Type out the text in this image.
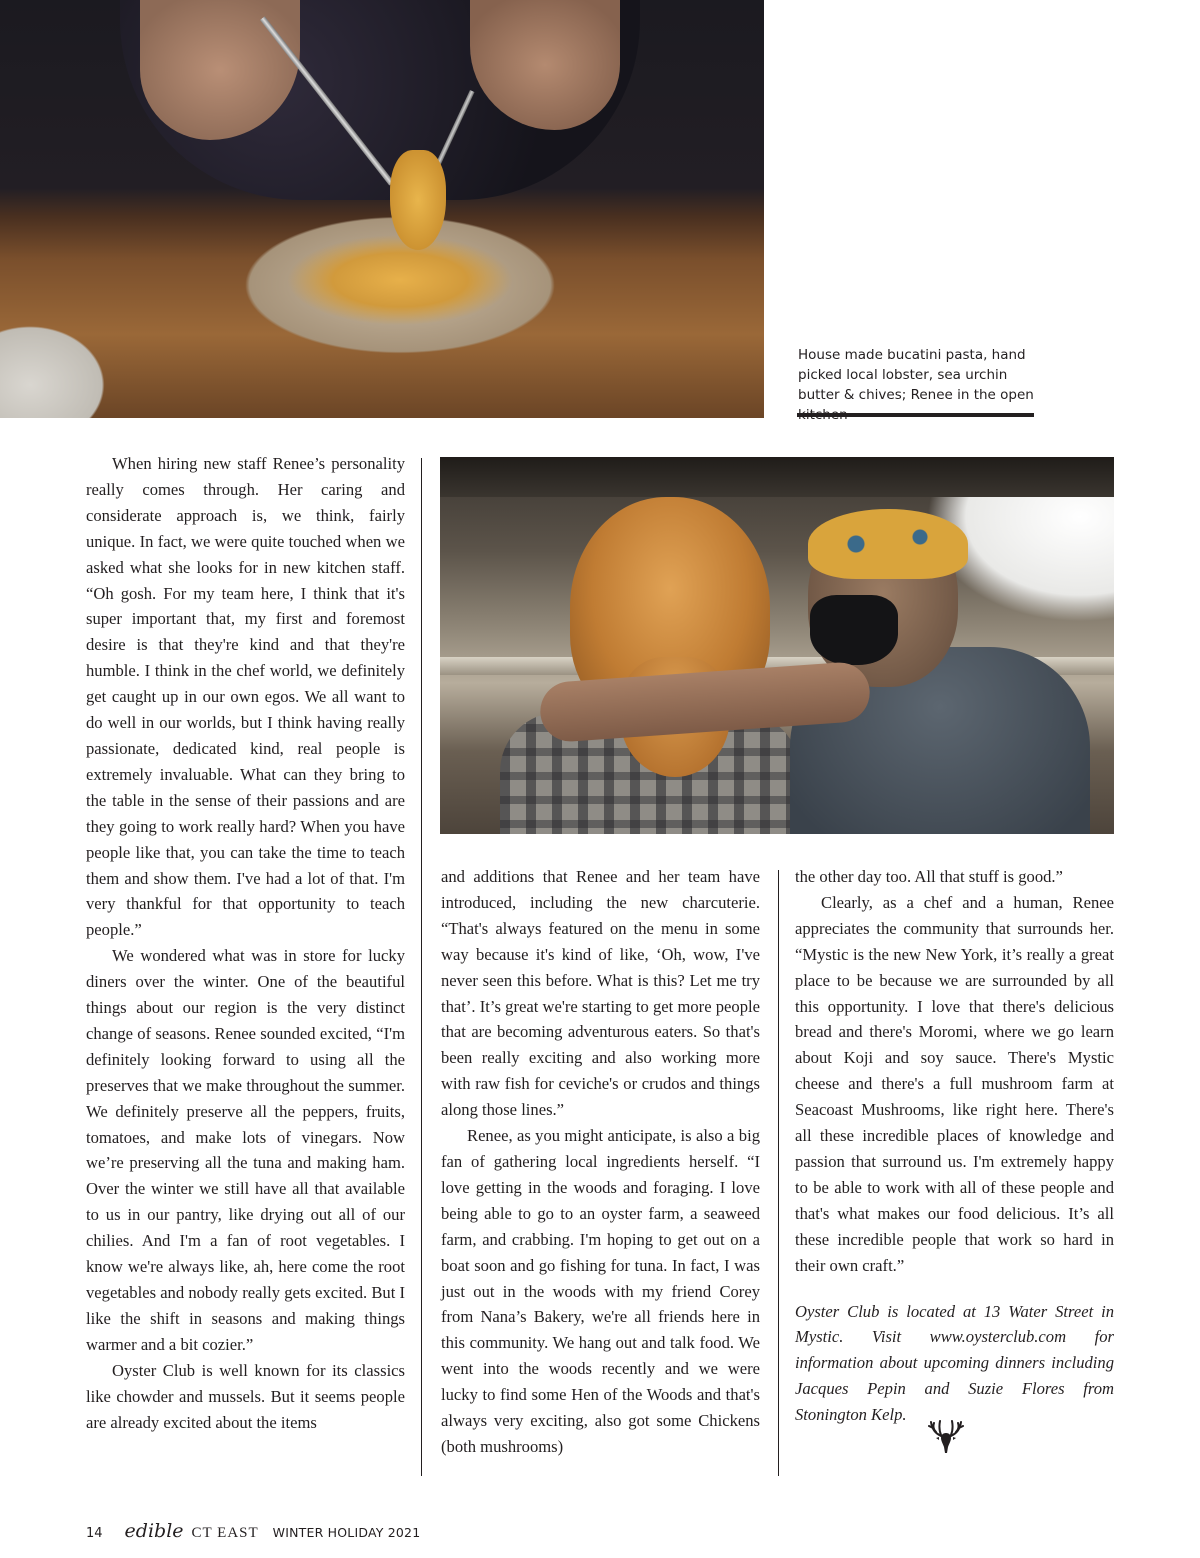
House made bucatini pasta, hand picked local lobster, sea urchin butter & chives; Renee in the open

When hiring new staff Renee’s personality really comes through. Her caring and considerate approach is, we think, fairly unique. In fact, we were quite touched when we asked what she looks for in new kitchen staff. “Oh gosh. For my team here, I think that it's super important that, my first and foremost desire is that they're kind and that they're humble. I think in the chef world, we definitely get caught up in our own egos. We all want to do well in our worlds, but I think having really passionate, dedicated kind, real people is extremely invaluable. What can they bring to the table in the sense of their passions and are they going to work really hard? When you have people like that, you can take the time to teach them and show them. I've had a lot of that. I'm very thankful for that opportunity to teach people.”

We wondered what was in store for lucky diners over the winter. One of the beautiful things about our region is the very distinct change of seasons. Renee sounded excited, “I'm definitely looking forward to using all the preserves that we make throughout the summer. We definitely preserve all the peppers, fruits, tomatoes, and make lots of vinegars. Now we’re preserving all the tuna and making ham. Over the winter we still have all that available to us in our pantry, like drying out all of our chilies. And I'm a fan of root vegetables. I know we're always like, ah, here come the root vegetables and nobody really gets excited. But I like the shift in seasons and making things warmer and a bit cozier.”

Oyster Club is well known for its classics like chowder and mussels. But it seems people are already excited about the items

and additions that Renee and her team have introduced, including the new charcuterie. “That's always featured on the menu in some way because it's kind of like, ‘Oh, wow, I've never seen this before. What is this? Let me try that’. It’s great we're starting to get more people that are becoming adventurous eaters. So that's been really exciting and also working more with raw fish for ceviche's or crudos and things along those lines.”

Renee, as you might anticipate, is also a big fan of gathering local ingredients herself. “I love getting in the woods and foraging. I love being able to go to an oyster farm, a seaweed farm, and crabbing. I'm hoping to get out on a boat soon and go fishing for tuna. In fact, I was just out in the woods with my friend Corey from Nana’s Bakery, we're all friends here in this community. We hang out and talk food. We went into the woods recently and we were lucky to find some Hen of the Woods and that's always very exciting, also got some Chickens (both mushrooms)

the other day too. All that stuff is good.”

Clearly, as a chef and a human, Renee appreciates the community that surrounds her. “Mystic is the new New York, it’s really a great place to be because we are surrounded by all this opportunity. I love that there's delicious bread and there's Moromi, where we go learn about Koji and soy sauce. There's Mystic cheese and there's a full mushroom farm at Seacoast Mushrooms, like right here. There's all these incredible places of knowledge and passion that surround us. I'm extremely happy to be able to work with all of these people and that's what makes our food delicious. It’s all these incredible people that work so hard in their own craft.”

Oyster Club is located at 13 Water Street in Mystic. Visit www.oysterclub.com for information about upcoming dinners including Jacques Pepin and Suzie Flores from Stonington Kelp.

14 edible CT EAST WINTER HOLIDAY 2021
